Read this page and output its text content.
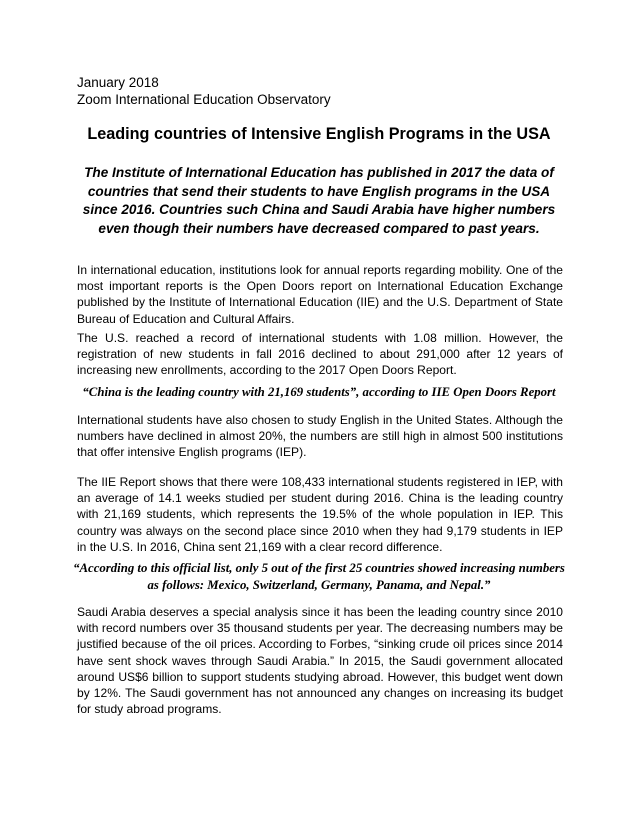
January 2018
Zoom International Education Observatory
Leading countries of Intensive English Programs in the USA
The Institute of International Education has published in 2017 the data of countries that send their students to have English programs in the USA since 2016. Countries such China and Saudi Arabia have higher numbers even though their numbers have decreased compared to past years.

In international education, institutions look for annual reports regarding mobility. One of the most important reports is the Open Doors report on International Education Exchange published by the Institute of International Education (IIE) and the U.S. Department of State Bureau of Education and Cultural Affairs.

The U.S. reached a record of international students with 1.08 million. However, the registration of new students in fall 2016 declined to about 291,000 after 12 years of increasing new enrollments, according to the 2017 Open Doors Report.

“China is the leading country with 21,169 students”, according to IIE Open Doors Report

International students have also chosen to study English in the United States. Although the numbers have declined in almost 20%, the numbers are still high in almost 500 institutions that offer intensive English programs (IEP).

The IIE Report shows that there were 108,433 international students registered in IEP, with an average of 14.1 weeks studied per student during 2016. China is the leading country with 21,169 students, which represents the 19.5% of the whole population in IEP. This country was always on the second place since 2010 when they had 9,179 students in IEP in the U.S. In 2016, China sent 21,169 with a clear record difference.

“According to this official list, only 5 out of the first 25 countries showed increasing numbers as follows: Mexico, Switzerland, Germany, Panama, and Nepal.”

Saudi Arabia deserves a special analysis since it has been the leading country since 2010 with record numbers over 35 thousand students per year. The decreasing numbers may be justified because of the oil prices. According to Forbes, “sinking crude oil prices since 2014 have sent shock waves through Saudi Arabia.” In 2015, the Saudi government allocated around US$6 billion to support students studying abroad. However, this budget went down by 12%. The Saudi government has not announced any changes on increasing its budget for study abroad programs.
